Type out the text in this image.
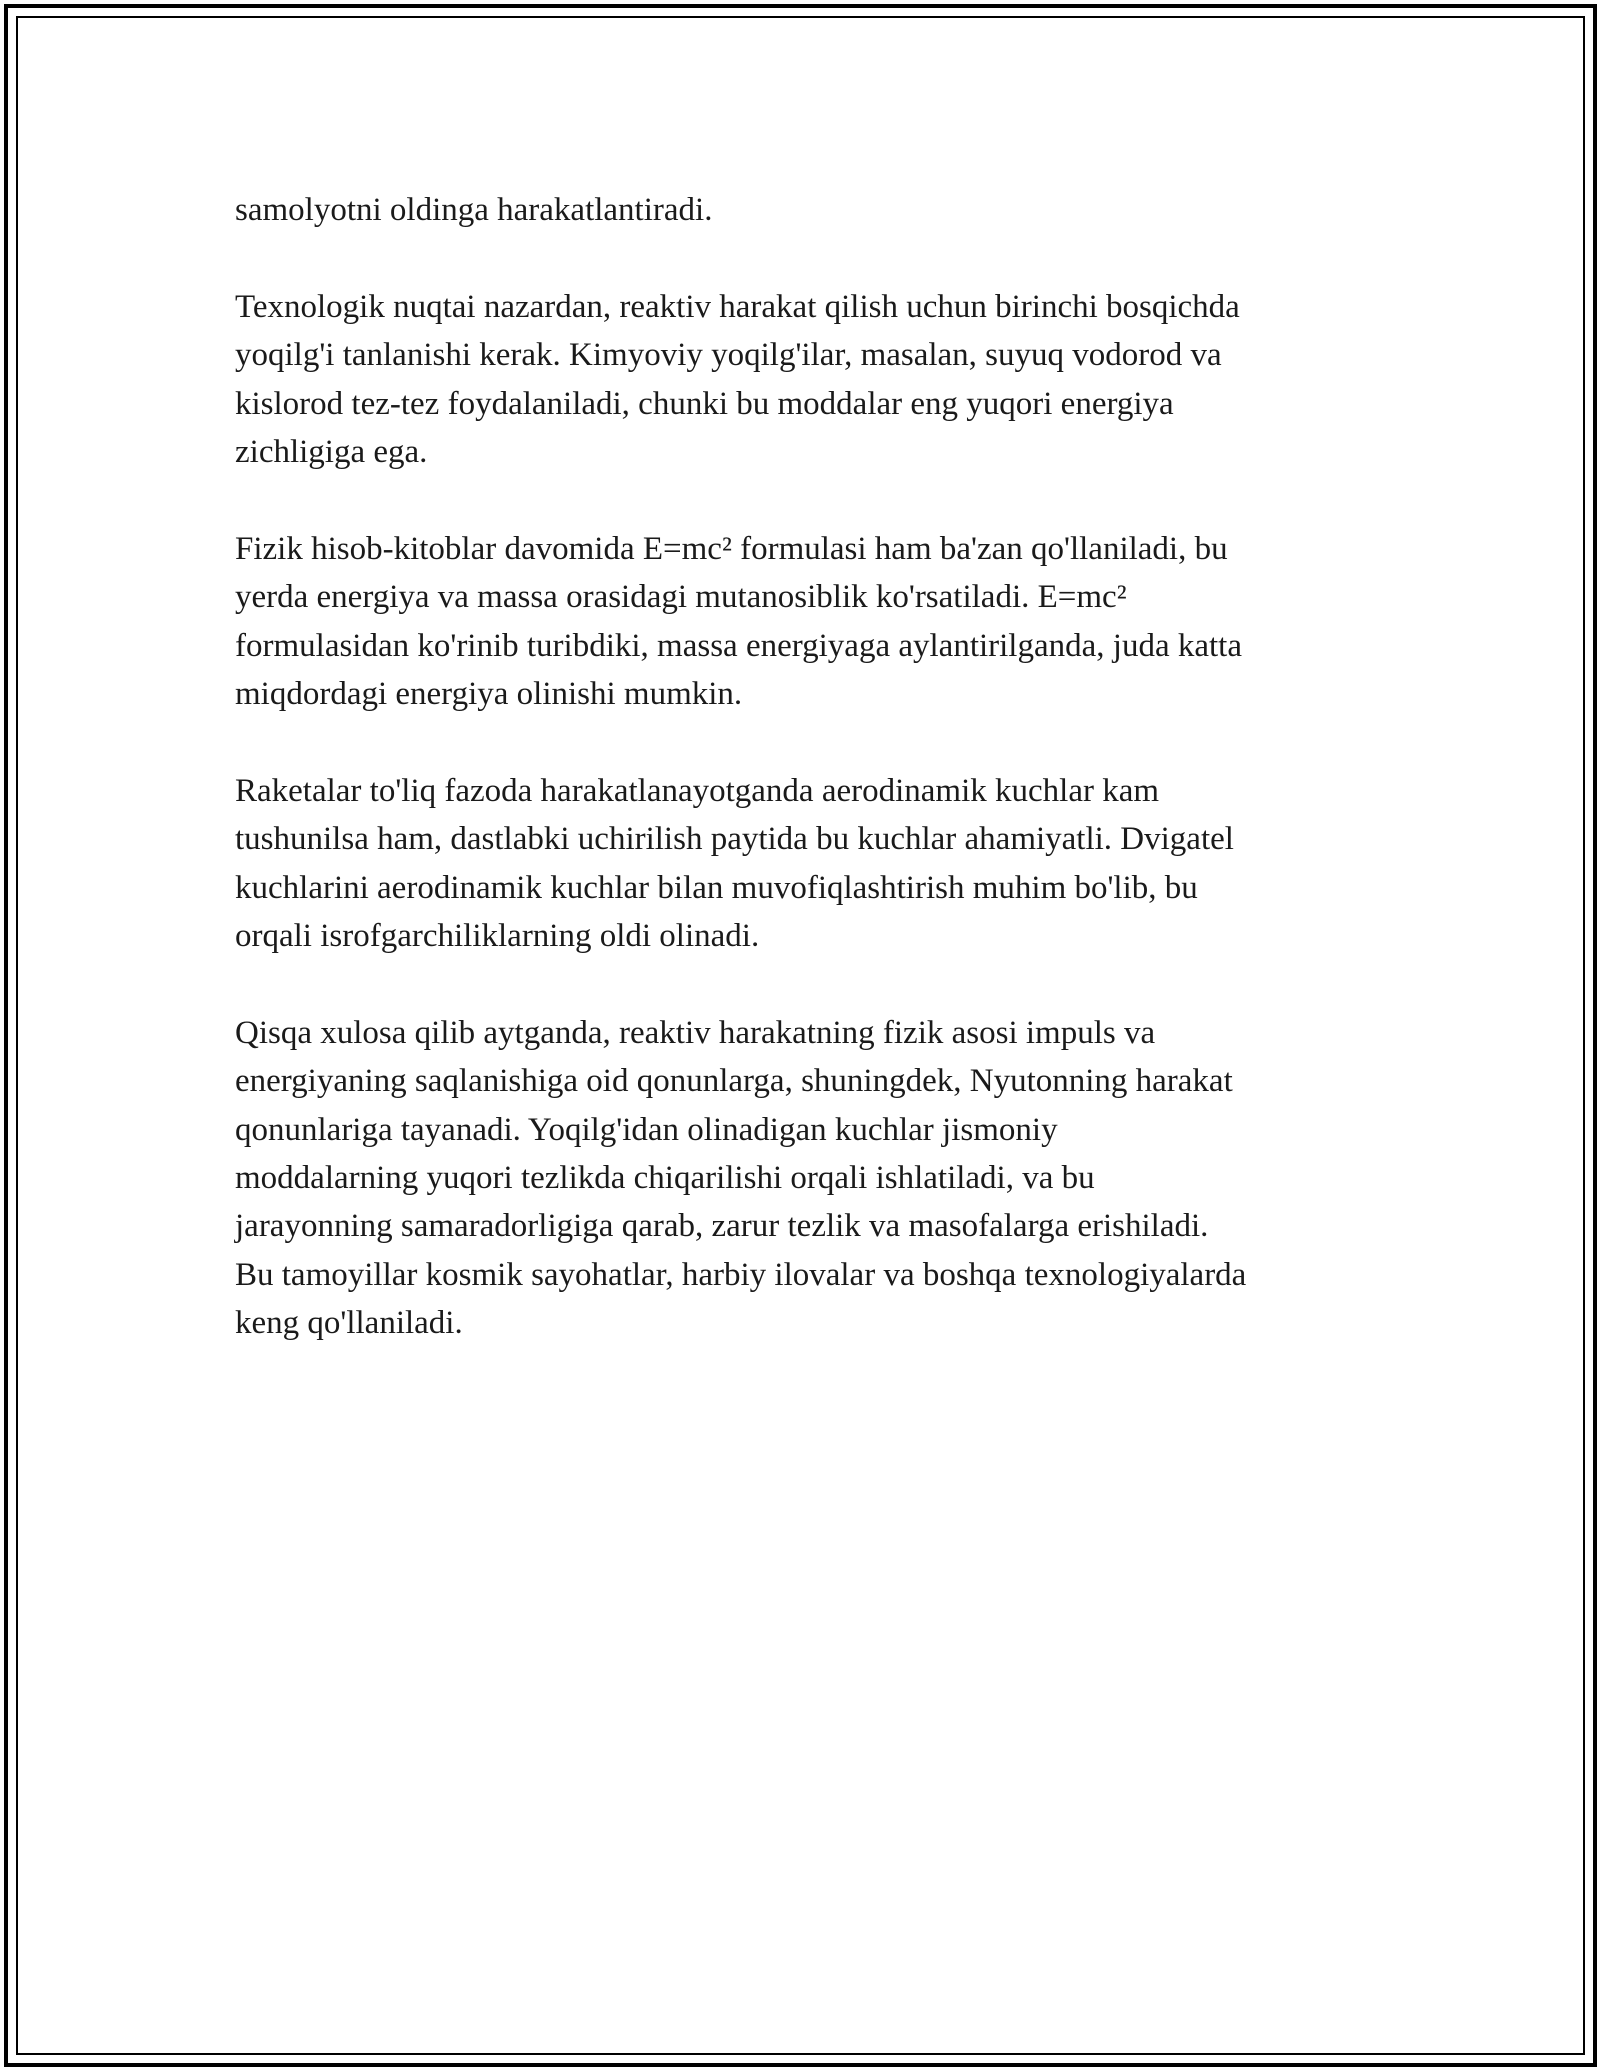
samolyotni oldinga harakatlantiradi.

Texnologik nuqtai nazardan, reaktiv harakat qilish uchun birinchi bosqichda
yoqilg'i tanlanishi kerak. Kimyoviy yoqilg'ilar, masalan, suyuq vodorod va
kislorod tez-tez foydalaniladi, chunki bu moddalar eng yuqori energiya
zichligiga ega.

Fizik hisob-kitoblar davomida E=mc² formulasi ham ba'zan qo'llaniladi, bu
yerda energiya va massa orasidagi mutanosiblik ko'rsatiladi. E=mc²
formulasidan ko'rinib turibdiki, massa energiyaga aylantirilganda, juda katta
miqdordagi energiya olinishi mumkin.

Raketalar to'liq fazoda harakatlanayotganda aerodinamik kuchlar kam
tushunilsa ham, dastlabki uchirilish paytida bu kuchlar ahamiyatli. Dvigatel
kuchlarini aerodinamik kuchlar bilan muvofiqlashtirish muhim bo'lib, bu
orqali isrofgarchiliklarning oldi olinadi.

Qisqa xulosa qilib aytganda, reaktiv harakatning fizik asosi impuls va
energiyaning saqlanishiga oid qonunlarga, shuningdek, Nyutonning harakat
qonunlariga tayanadi. Yoqilg'idan olinadigan kuchlar jismoniy
moddalarning yuqori tezlikda chiqarilishi orqali ishlatiladi, va bu
jarayonning samaradorligiga qarab, zarur tezlik va masofalarga erishiladi.
Bu tamoyillar kosmik sayohatlar, harbiy ilovalar va boshqa texnologiyalarda
keng qo'llaniladi.
